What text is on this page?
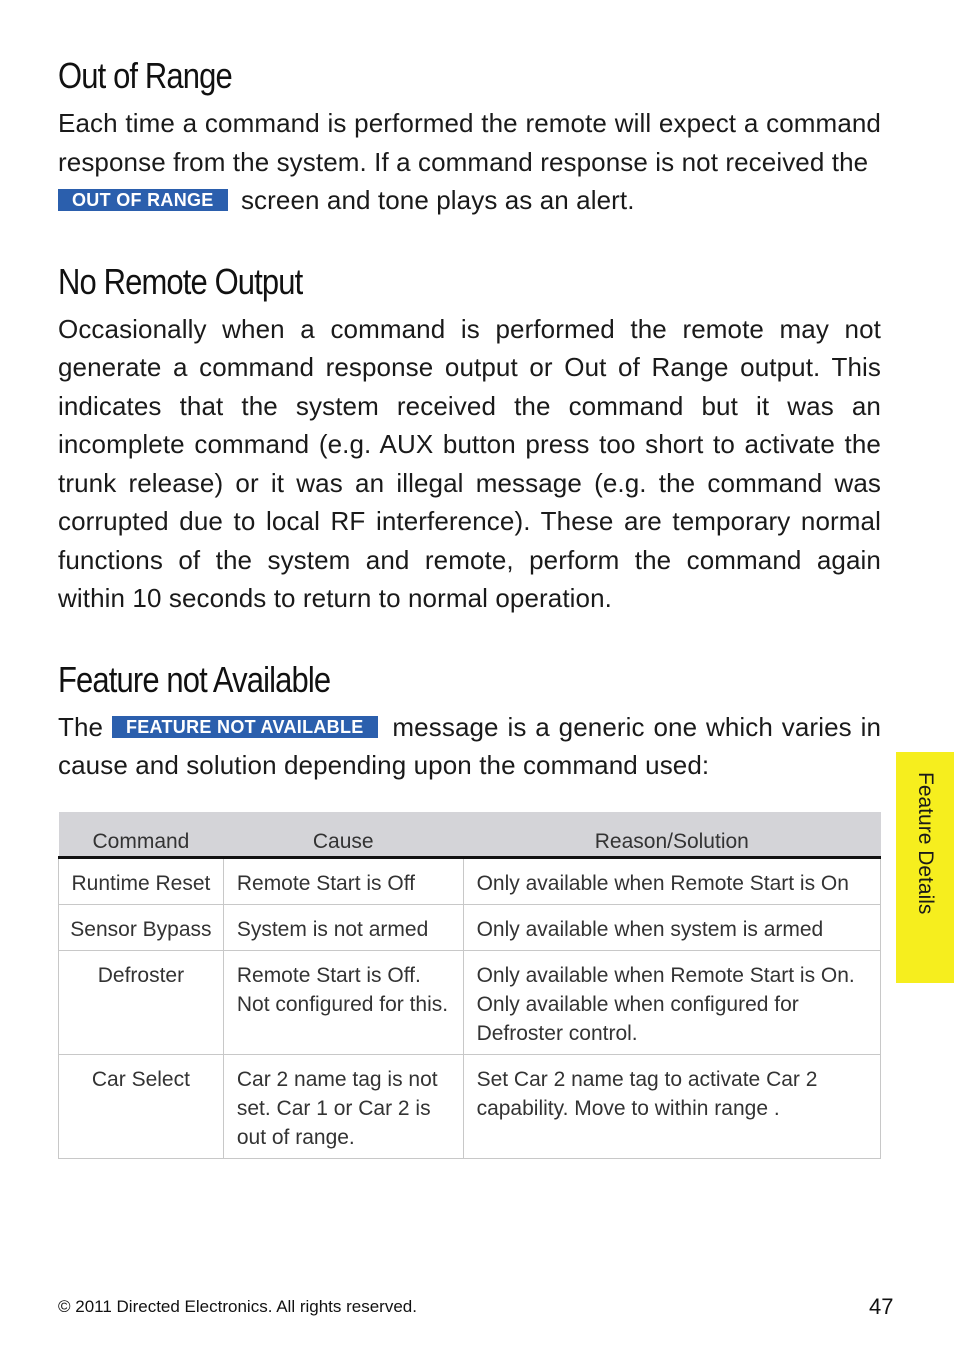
Out of Range

Each time a command is performed the remote will expect a command response from the system. If a command response is not received the
OUT OF RANGE screen and tone plays as an alert.

No Remote Output

Occasionally when a command is performed the remote may not generate a command response output or Out of Range output. This indicates that the system received the command but it was an incomplete command (e.g. AUX button press too short to activate the trunk release) or it was an illegal message (e.g. the command was corrupted due to local RF interference). These are temporary normal functions of the system and remote, perform the command again within 10 seconds to return to normal operation.

Feature not Available

The FEATURE NOT AVAILABLE message is a generic one which varies in cause and solution depending upon the command used:

Command	Cause	Reason/Solution
Runtime Reset	Remote Start is Off	Only available when Remote Start is On
Sensor Bypass	System is not armed	Only available when system is armed
Defroster	Remote Start is Off. Not configured for this.	Only available when Remote Start is On. Only available when configured for Defroster control.
Car Select	Car 2 name tag is not set. Car 1 or Car 2 is out of range.	Set Car 2 name tag to activate Car 2 capability. Move to within range .
Feature Details
© 2011 Directed Electronics. All rights reserved.	47
